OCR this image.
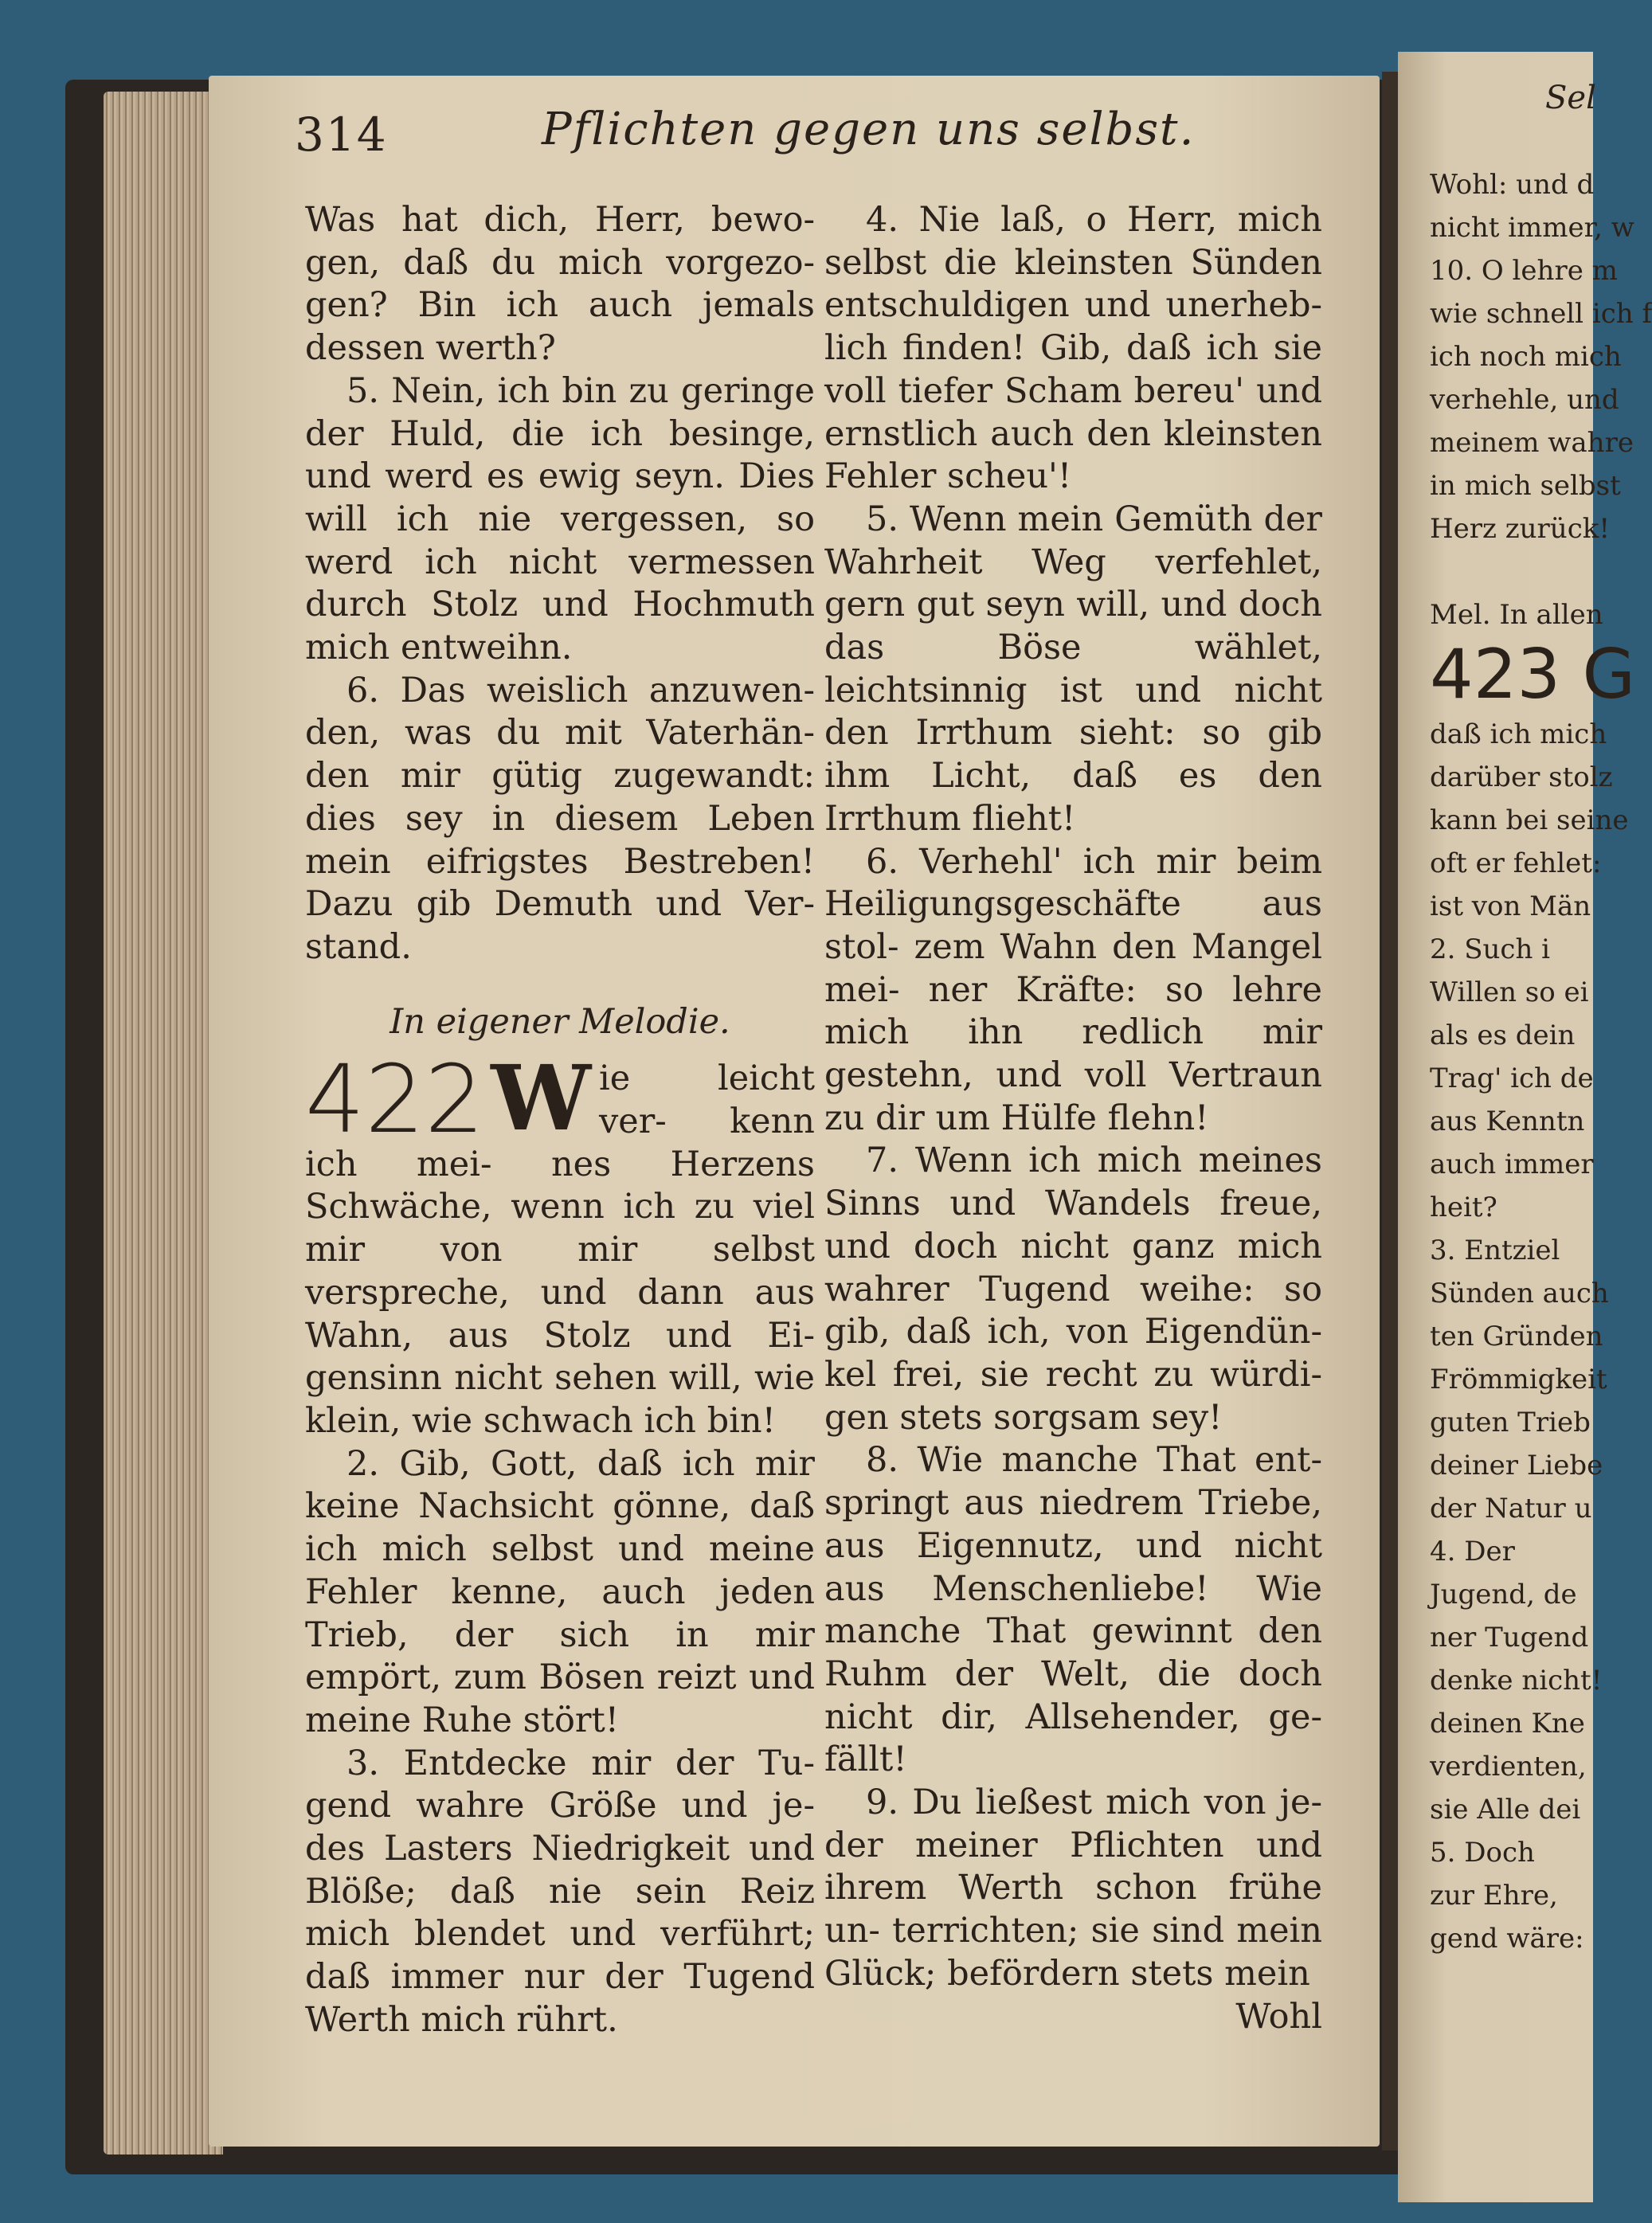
314	Pflichten gegen uns selbst.

Was hat dich, Herr, bewo- gen, daß du mich vorgezo- gen? Bin ich auch jemals dessen werth?

5. Nein, ich bin zu geringe der Huld, die ich besinge, und werd es ewig seyn. Dies will ich nie vergessen, so werd ich nicht vermessen durch Stolz und Hochmuth mich entweihn.

6. Das weislich anzuwen- den, was du mit Vaterhän- den mir gütig zugewandt: dies sey in diesem Leben mein eifrigstes Bestreben! Dazu gib Demuth und Ver- stand.

In eigener Melodie.

422 W ie leicht ver- kenn ich mei- nes Herzens Schwäche, wenn ich zu viel mir von mir selbst verspreche, und dann aus Wahn, aus Stolz und Ei- gensinn nicht sehen will, wie klein, wie schwach ich bin!

2. Gib, Gott, daß ich mir keine Nachsicht gönne, daß ich mich selbst und meine Fehler kenne, auch jeden Trieb, der sich in mir empört, zum Bösen reizt und meine Ruhe stört!

3. Entdecke mir der Tu- gend wahre Größe und je- des Lasters Niedrigkeit und Blöße; daß nie sein Reiz mich blendet und verführt; daß immer nur der Tugend Werth mich rührt.

4. Nie laß, o Herr, mich selbst die kleinsten Sünden entschuldigen und unerheb- lich finden! Gib, daß ich sie voll tiefer Scham bereu' und ernstlich auch den kleinsten Fehler scheu'!

5. Wenn mein Gemüth der Wahrheit Weg verfehlet, gern gut seyn will, und doch das Böse wählet, leichtsinnig ist und nicht den Irrthum sieht: so gib ihm Licht, daß es den Irrthum flieht!

6. Verhehl' ich mir beim Heiligungsgeschäfte aus stol- zem Wahn den Mangel mei- ner Kräfte: so lehre mich ihn redlich mir gestehn, und voll Vertraun zu dir um Hülfe flehn!

7. Wenn ich mich meines Sinns und Wandels freue, und doch nicht ganz mich wahrer Tugend weihe: so gib, daß ich, von Eigendün- kel frei, sie recht zu würdi- gen stets sorgsam sey!

8. Wie manche That ent- springt aus niedrem Triebe, aus Eigennutz, und nicht aus Menschenliebe! Wie manche That gewinnt den Ruhm der Welt, die doch nicht dir, Allsehender, ge- fällt!

9. Du ließest mich von je- der meiner Pflichten und ihrem Werth schon frühe un- terrichten; sie sind mein Glück; befördern stets mein

Wohl

Sel

Wohl: und d

nicht immer, w

10. O lehre m

wie schnell ich f

ich noch mich

verhehle, und

meinem wahre

in mich selbst

Herz zurück!

Mel. In allen

423 G

daß ich mich

darüber stolz

kann bei seine

oft er fehlet:

ist von Män

2. Such i

Willen so ei

als es dein

Trag' ich de

aus Kenntn

auch immer

heit?

3. Entziel

Sünden auch

ten Gründen

Frömmigkeit

guten Trieb

deiner Liebe

der Natur u

4. Der

Jugend, de

ner Tugend

denke nicht!

deinen Kne

verdienten,

sie Alle dei

5. Doch

zur Ehre,

gend wäre:
